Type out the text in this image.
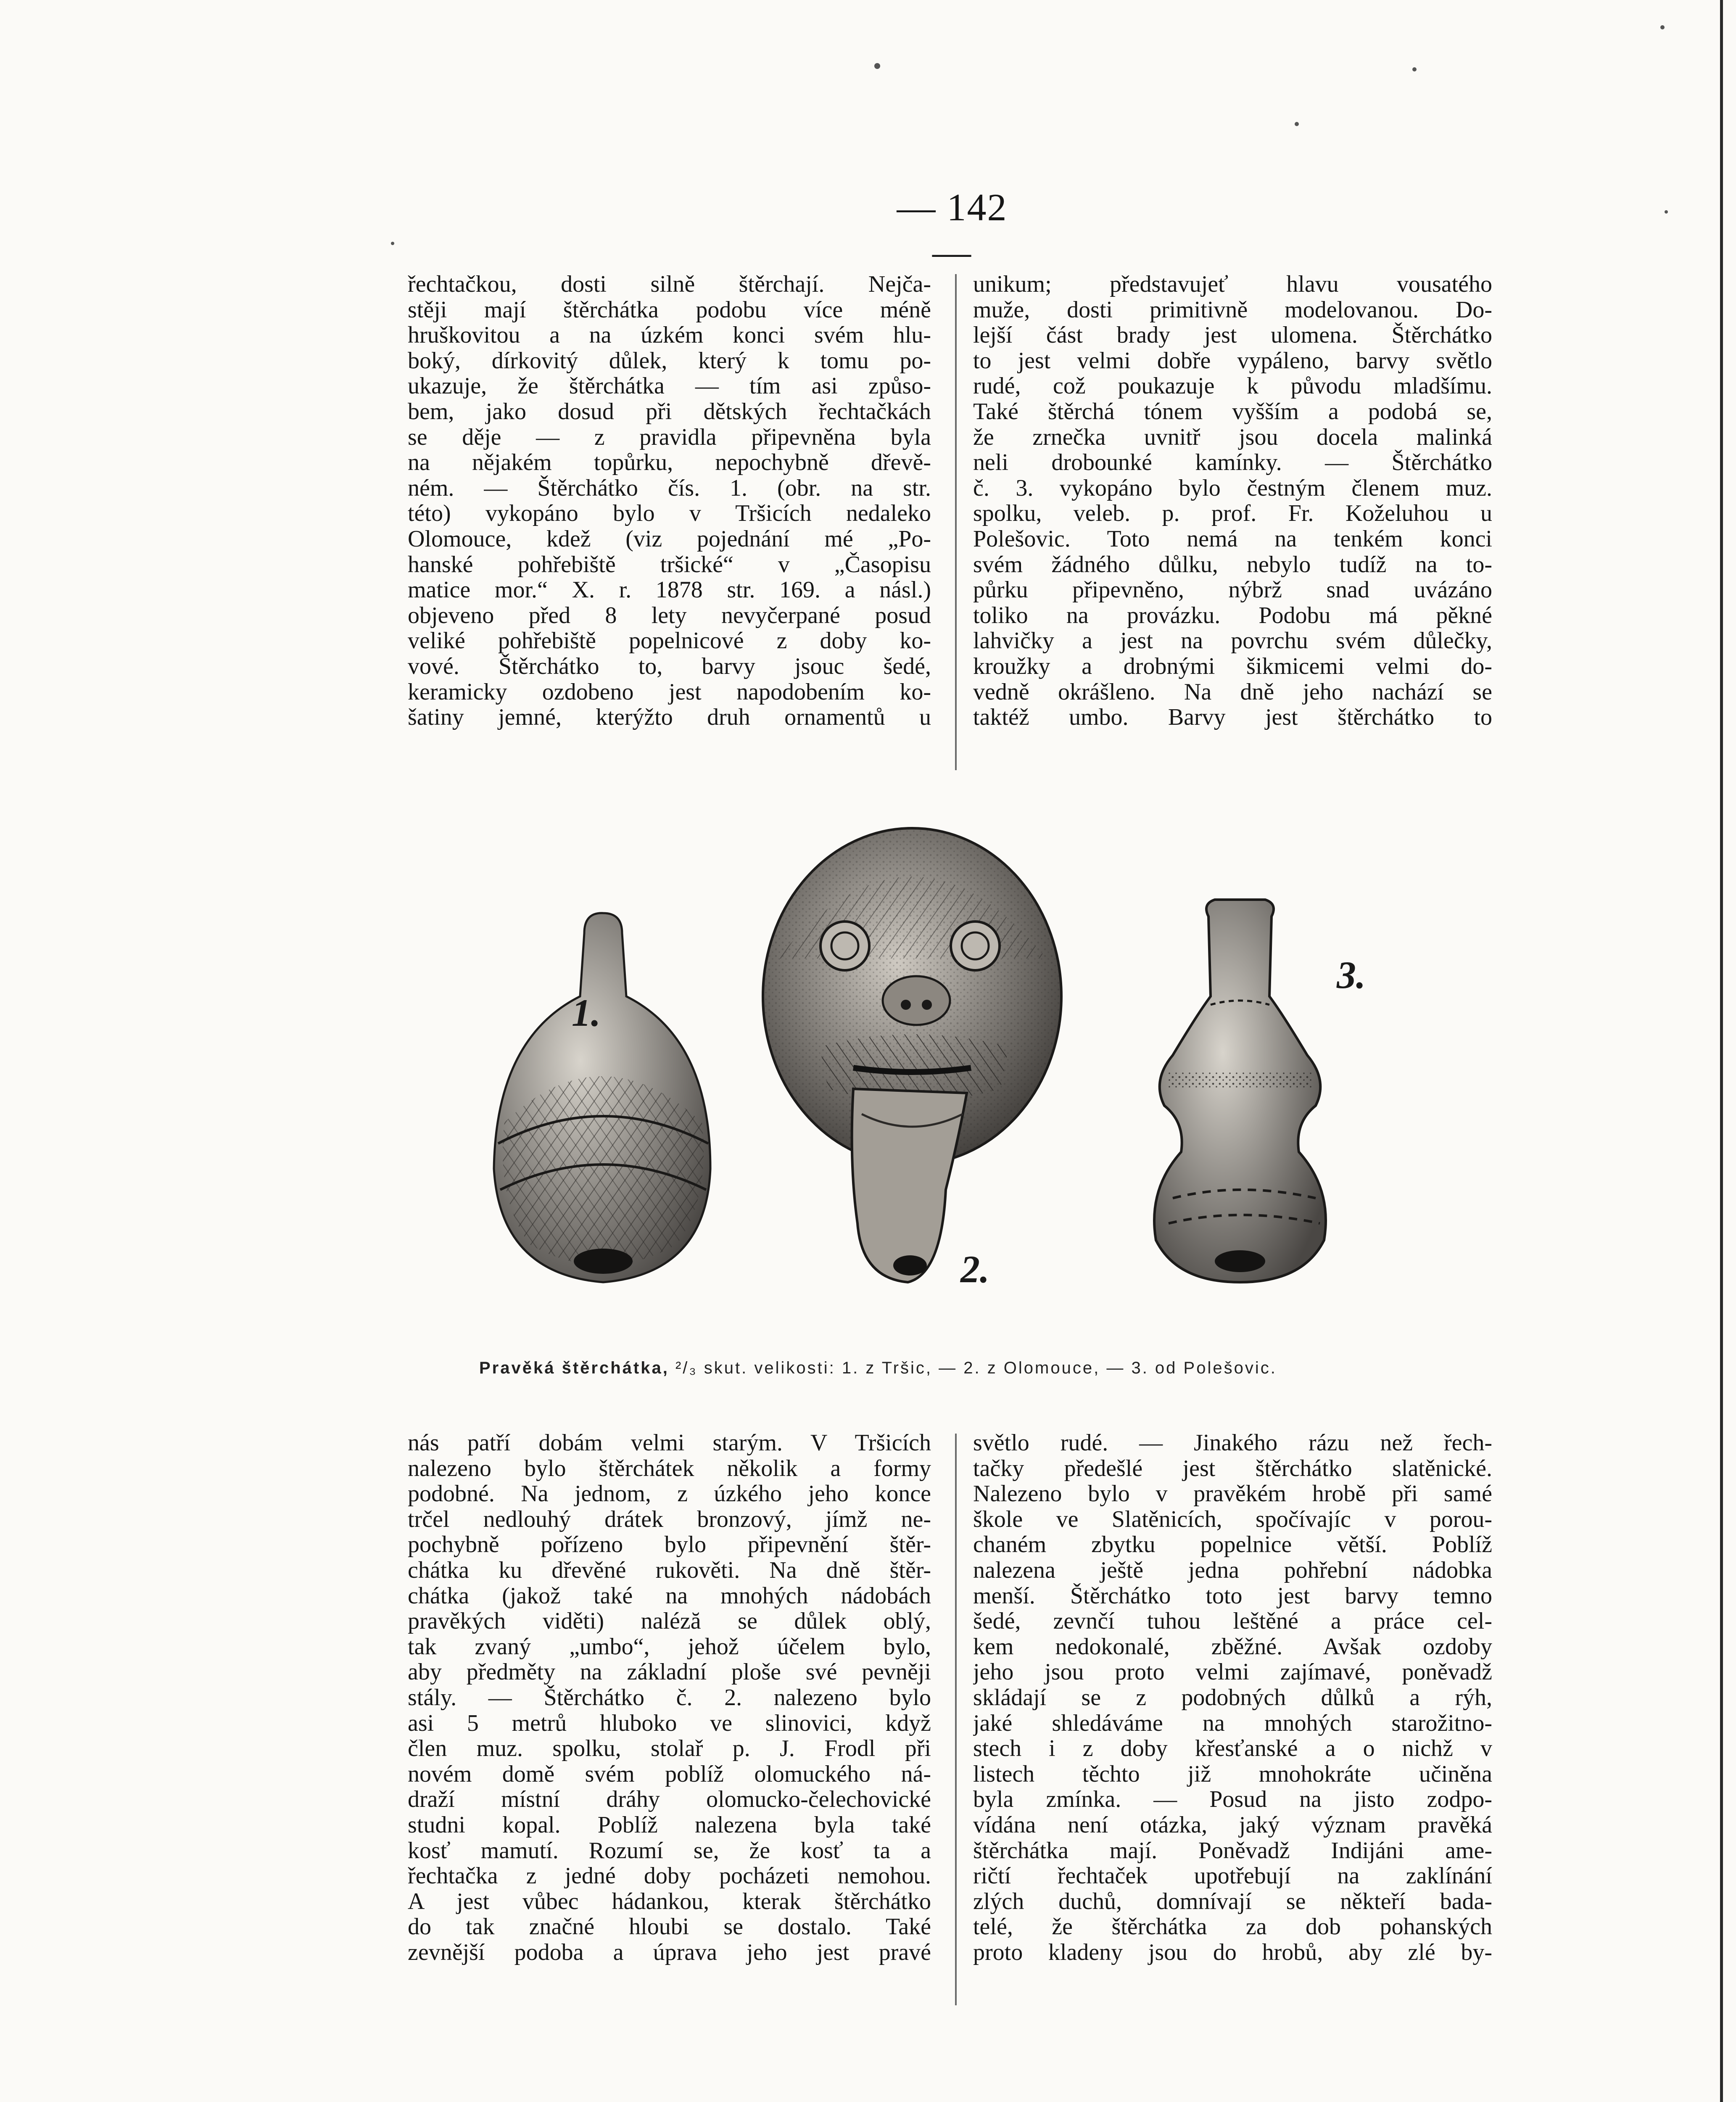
— 142 —
řechtačkou, dosti silně štěrchají. Nejča-
stěji mají štěrchátka podobu více méně
hruškovitou a na úzkém konci svém hlu-
boký, dírkovitý důlek, který k tomu po-
ukazuje, že štěrchátka — tím asi způso-
bem, jako dosud při dětských řechtačkách
se děje — z pravidla připevněna byla
na nějakém topůrku, nepochybně dřevě-
ném. — Štěrchátko čís. 1. (obr. na str.
této) vykopáno bylo v Tršicích nedaleko
Olomouce, kdež (viz pojednání mé „Po-
hanské pohřebiště tršické“ v „Časopisu
matice mor.“ X. r. 1878 str. 169. a násl.)
objeveno před 8 lety nevyčerpané posud
veliké pohřebiště popelnicové z doby ko-
vové. Štěrchátko to, barvy jsouc šedé,
keramicky ozdobeno jest napodobením ko-
šatiny jemné, kterýžto druh ornamentů u
unikum; představujeť hlavu vousatého
muže, dosti primitivně modelovanou. Do-
lejší část brady jest ulomena. Štěrchátko
to jest velmi dobře vypáleno, barvy světlo
rudé, což poukazuje k původu mladšímu.
Také štěrchá tónem vyšším a podobá se,
že zrnečka uvnitř jsou docela malinká
neli drobounké kamínky. — Štěrchátko
č. 3. vykopáno bylo čestným členem muz.
spolku, veleb. p. prof. Fr. Koželuhou u
Polešovic. Toto nemá na tenkém konci
svém žádného důlku, nebylo tudíž na to-
půrku připevněno, nýbrž snad uvázáno
toliko na provázku. Podobu má pěkné
lahvičky a jest na povrchu svém důlečky,
kroužky a drobnými šikmicemi velmi do-
vedně okrášleno. Na dně jeho nachází se
taktéž umbo. Barvy jest štěrchátko to
1.
2.
3.
Pravěká štěrchátka, ²/₃ skut. velikosti: 1. z Tršic, — 2. z Olomouce, — 3. od Polešovic.
nás patří dobám velmi starým. V Tršicích
nalezeno bylo štěrchátek několik a formy
podobné. Na jednom, z úzkého jeho konce
trčel nedlouhý drátek bronzový, jímž ne-
pochybně pořízeno bylo připevnění štěr-
chátka ku dřevěné rukověti. Na dně štěr-
chátka (jakož také na mnohých nádobách
pravěkých viděti) naléză se důlek oblý,
tak zvaný „umbo“, jehož účelem bylo,
aby předměty na základní ploše své pevněji
stály. — Štěrchátko č. 2. nalezeno bylo
asi 5 metrů hluboko ve slinovici, když
člen muz. spolku, stolař p. J. Frodl při
novém domě svém poblíž olomuckého ná-
draží místní dráhy olomucko-čelechovické
studni kopal. Poblíž nalezena byla také
kosť mamutí. Rozumí se, že kosť ta a
řechtačka z jedné doby pocházeti nemohou.
A jest vůbec hádankou, kterak štěrchátko
do tak značné hloubi se dostalo. Také
zevnější podoba a úprava jeho jest pravé
světlo rudé. — Jinakého rázu než řech-
tačky předešlé jest štěrchátko slatěnické.
Nalezeno bylo v pravěkém hrobě při samé
škole ve Slatěnicích, spočívajíc v porou-
chaném zbytku popelnice větší. Poblíž
nalezena ještě jedna pohřební nádobka
menší. Štěrchátko toto jest barvy temno
šedé, zevnčí tuhou leštěné a práce cel-
kem nedokonalé, zběžné. Avšak ozdoby
jeho jsou proto velmi zajímavé, poněvadž
skládají se z podobných důlků a rýh,
jaké shledáváme na mnohých starožitno-
stech i z doby křesťanské a o nichž v
listech těchto již mnohokráte učiněna
byla zmínka. — Posud na jisto zodpo-
vídána není otázka, jaký význam pravěká
štěrchátka mají. Poněvadž Indijáni ame-
ričtí řechtaček upotřebují na zaklínání
zlých duchů, domnívají se někteří bada-
telé, že štěrchátka za dob pohanských
proto kladeny jsou do hrobů, aby zlé by-
